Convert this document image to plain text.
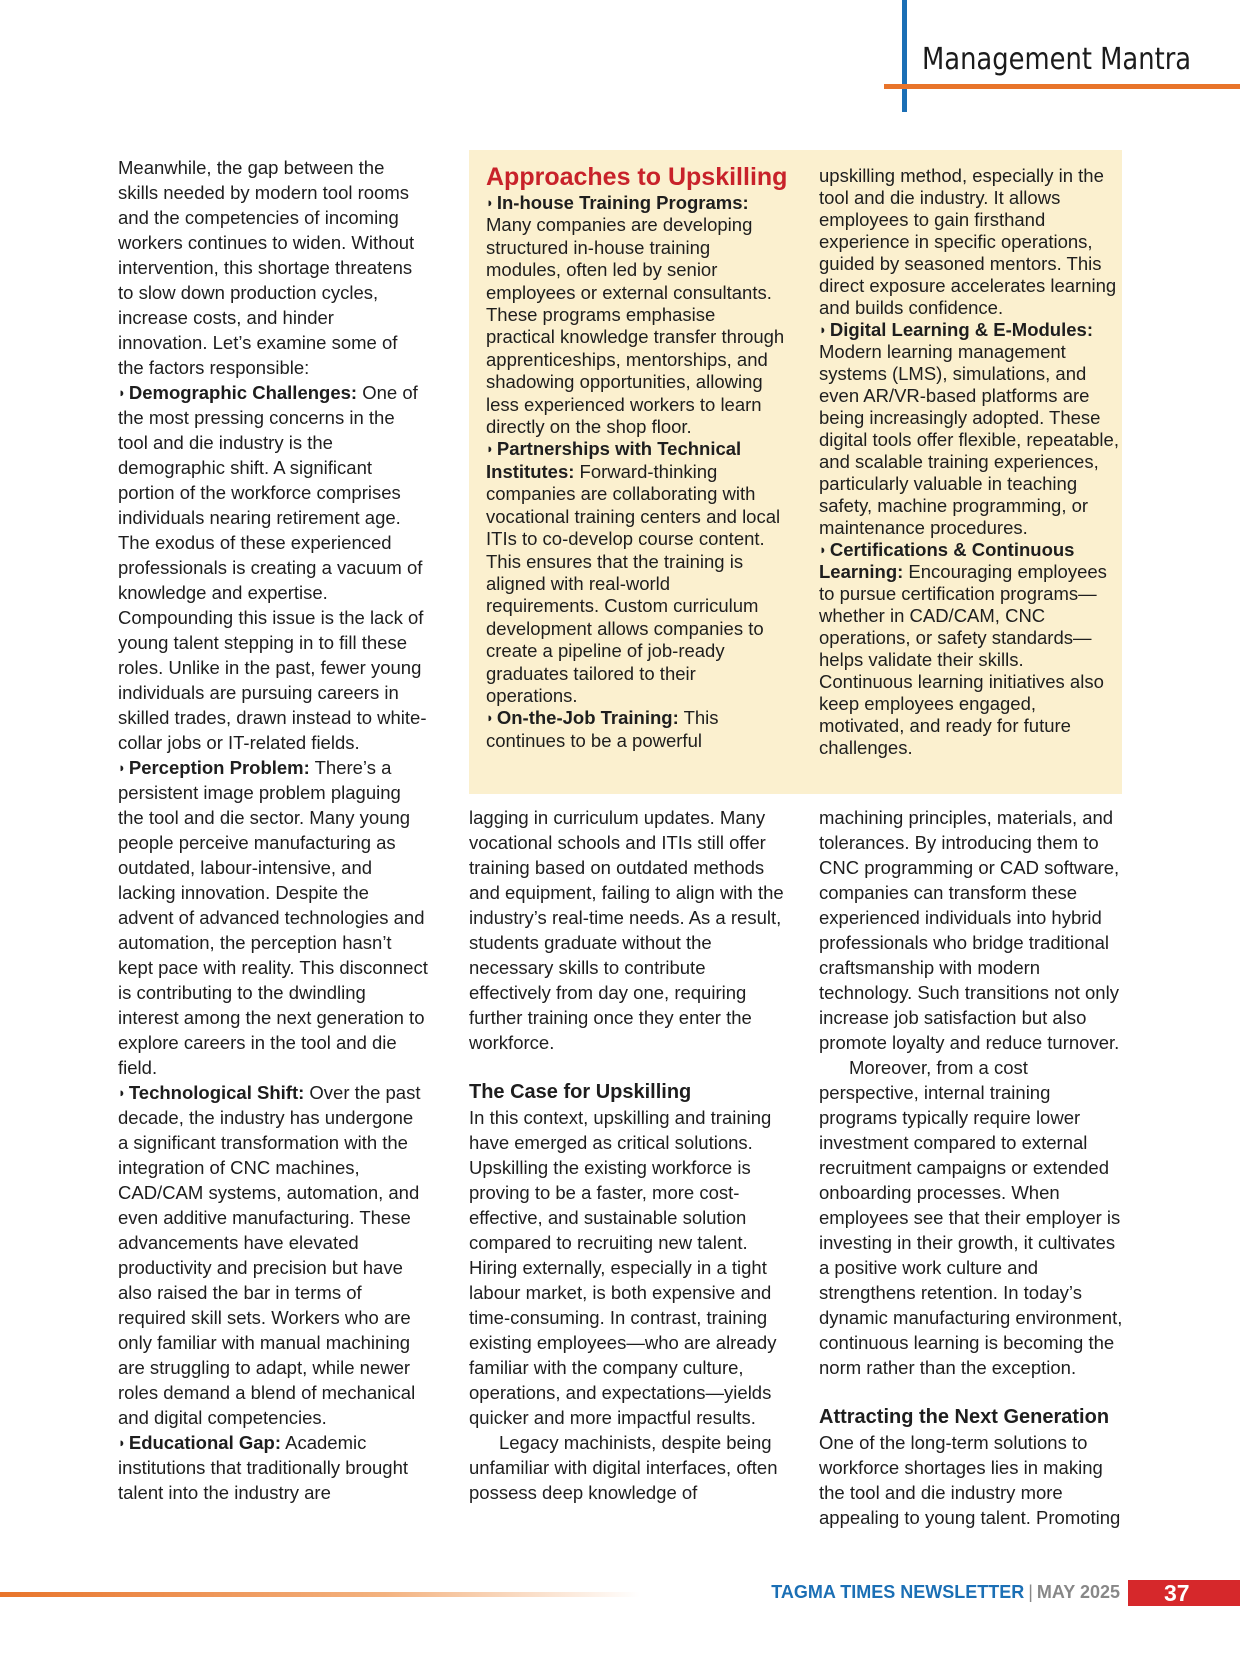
Management Mantra

Meanwhile, the gap between the skills needed by modern tool rooms and the competencies of incoming workers continues to widen. Without intervention, this shortage threatens to slow down production cycles, increase costs, and hinder innovation. Let’s examine some of the factors responsible:

◗ Demographic Challenges: One of the most pressing concerns in the tool and die industry is the demographic shift. A significant portion of the workforce comprises individuals nearing retirement age. The exodus of these experienced professionals is creating a vacuum of knowledge and expertise. Compounding this issue is the lack of young talent stepping in to fill these roles. Unlike in the past, fewer young individuals are pursuing careers in skilled trades, drawn instead to white-collar jobs or IT-related fields.

◗ Perception Problem: There’s a persistent image problem plaguing the tool and die sector. Many young people perceive manufacturing as outdated, labour-intensive, and lacking innovation. Despite the advent of advanced technologies and automation, the perception hasn’t kept pace with reality. This disconnect is contributing to the dwindling interest among the next generation to explore careers in the tool and die field.

◗ Technological Shift: Over the past decade, the industry has undergone a significant transformation with the integration of CNC machines, CAD/CAM systems, automation, and even additive manufacturing. These advancements have elevated productivity and precision but have also raised the bar in terms of required skill sets. Workers who are only familiar with manual machining are struggling to adapt, while newer roles demand a blend of mechanical and digital competencies.

◗ Educational Gap: Academic institutions that traditionally brought talent into the industry are

Approaches to Upskilling

◗ In-house Training Programs:

Many companies are developing structured in-house training modules, often led by senior employees or external consultants. These programs emphasise practical knowledge transfer through apprenticeships, mentorships, and shadowing opportunities, allowing less experienced workers to learn directly on the shop floor.

◗ Partnerships with Technical Institutes: Forward-thinking companies are collaborating with vocational training centers and local ITIs to co-develop course content. This ensures that the training is aligned with real-world requirements. Custom curriculum development allows companies to create a pipeline of job-ready graduates tailored to their operations.

◗ On-the-Job Training: This continues to be a powerful

upskilling method, especially in the tool and die industry. It allows employees to gain firsthand experience in specific operations, guided by seasoned mentors. This direct exposure accelerates learning and builds confidence.

◗ Digital Learning & E-Modules:

Modern learning management systems (LMS), simulations, and even AR/VR-based platforms are being increasingly adopted. These digital tools offer flexible, repeatable, and scalable training experiences, particularly valuable in teaching safety, machine programming, or maintenance procedures.

◗ Certifications & Continuous Learning: Encouraging employees to pursue certification programs—whether in CAD/CAM, CNC operations, or safety standards—helps validate their skills. Continuous learning initiatives also keep employees engaged, motivated, and ready for future challenges.

lagging in curriculum updates. Many vocational schools and ITIs still offer training based on outdated methods and equipment, failing to align with the industry’s real-time needs. As a result, students graduate without the necessary skills to contribute effectively from day one, requiring further training once they enter the workforce.

The Case for Upskilling

In this context, upskilling and training have emerged as critical solutions. Upskilling the existing workforce is proving to be a faster, more cost-effective, and sustainable solution compared to recruiting new talent. Hiring externally, especially in a tight labour market, is both expensive and time-consuming. In contrast, training existing employees—who are already familiar with the company culture, operations, and expectations—yields quicker and more impactful results.

Legacy machinists, despite being unfamiliar with digital interfaces, often possess deep knowledge of

machining principles, materials, and tolerances. By introducing them to CNC programming or CAD software, companies can transform these experienced individuals into hybrid professionals who bridge traditional craftsmanship with modern technology. Such transitions not only increase job satisfaction but also promote loyalty and reduce turnover.

Moreover, from a cost perspective, internal training programs typically require lower investment compared to external recruitment campaigns or extended onboarding processes. When employees see that their employer is investing in their growth, it cultivates a positive work culture and strengthens retention. In today’s dynamic manufacturing environment, continuous learning is becoming the norm rather than the exception.

Attracting the Next Generation

One of the long-term solutions to workforce shortages lies in making the tool and die industry more appealing to young talent. Promoting

TAGMA TIMES NEWSLETTER | MAY 2025	37
